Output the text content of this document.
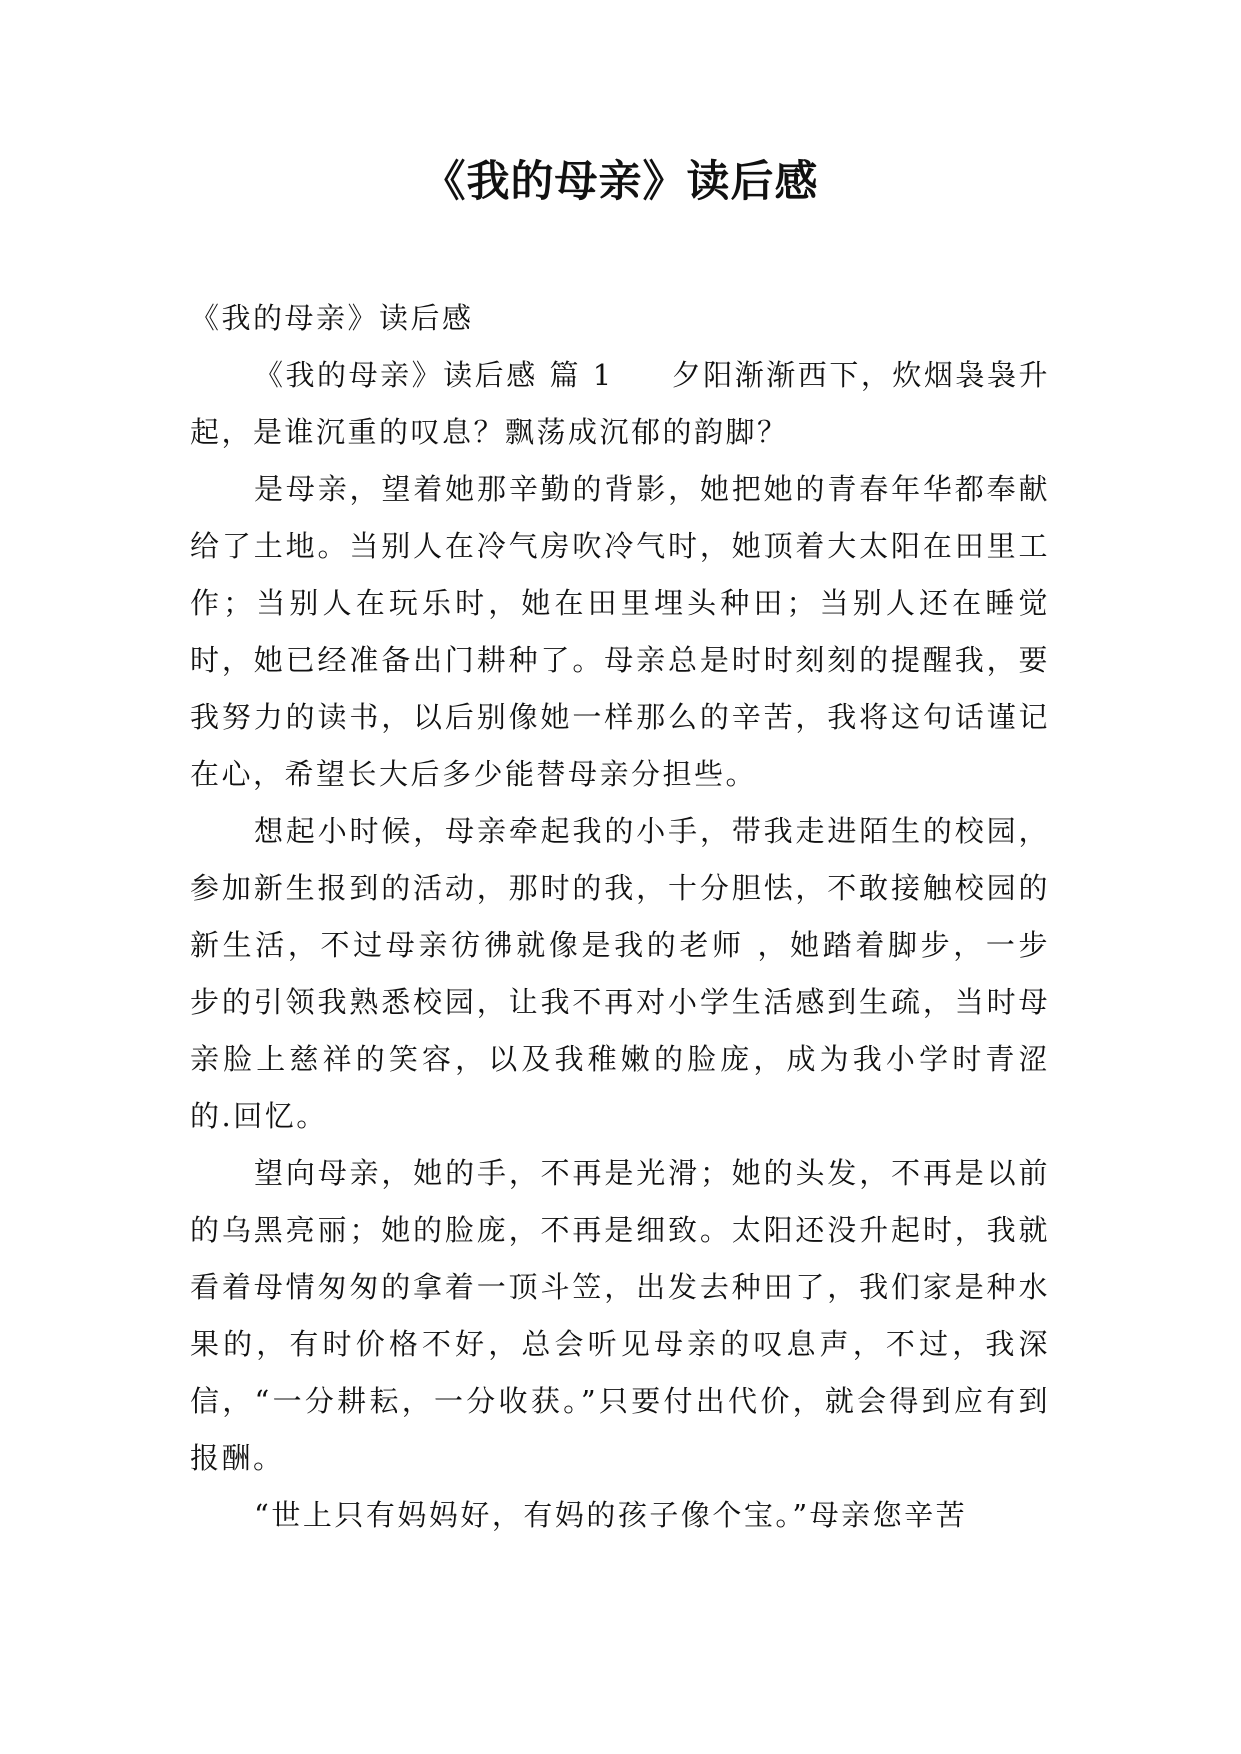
《我的母亲》读后感

《我的母亲》读后感

《我的母亲》读后感 篇 1 夕阳渐渐西下，炊烟袅袅升起，是谁沉重的叹息？飘荡成沉郁的韵脚？

是母亲，望着她那辛勤的背影，她把她的青春年华都奉献给了土地。当别人在冷气房吹冷气时，她顶着大太阳在田里工作；当别人在玩乐时，她在田里埋头种田；当别人还在睡觉时，她已经准备出门耕种了。母亲总是时时刻刻的提醒我，要我努力的读书，以后别像她一样那么的辛苦，我将这句话谨记在心，希望长大后多少能替母亲分担些。

想起小时候，母亲牵起我的小手，带我走进陌生的校园，参加新生报到的活动，那时的我，十分胆怯，不敢接触校园的新生活，不过母亲彷彿就像是我的老师 ，她踏着脚步，一步步的引领我熟悉校园，让我不再对小学生活感到生疏，当时母亲脸上慈祥的笑容，以及我稚嫩的脸庞，成为我小学时青涩的.回忆。

望向母亲，她的手，不再是光滑；她的头发，不再是以前的乌黑亮丽；她的脸庞，不再是细致。太阳还没升起时，我就看着母情匆匆的拿着一顶斗笠，出发去种田了，我们家是种水果的，有时价格不好，总会听见母亲的叹息声，不过，我深信，“一分耕耘，一分收获。”只要付出代价，就会得到应有到报酬。

“世上只有妈妈好，有妈的孩子像个宝。”母亲您辛苦
